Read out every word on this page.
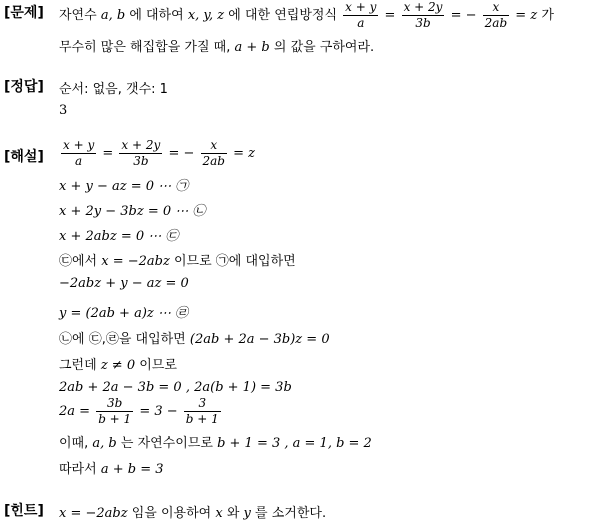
[문제]
[정답]
[해설]
[힌트]
자연수 a, b 에 대하여 x, y, z 에 대한 연립방정식 $\frac{x + y}{a} = \frac{x + 2y}{3b}$ = − $\frac{x}{2ab} = z$ 가
무수히 많은 해집합을 가질 때, a + b 의 값을 구하여라.
순서: 없음, 갯수: 1
3
$\frac{x + y}{a} = \frac{x + 2y}{3b}$ = − $\frac{x}{2ab} = z$
x + y − az = 0 ⋯ ㉠
x + 2y − 3bz = 0 ⋯ ㉡
x + 2abz = 0 ⋯ ㉢
㉢에서 x = −2abz 이므로 ㉠에 대입하면
−2abz + y − az = 0
y = (2ab + a)z ⋯ ㉣
㉡에 ㉢,㉣을 대입하면 (2ab + 2a − 3b)z = 0
그런데 z ≠ 0 이므로
2ab + 2a − 3b = 0 , 2a(b + 1) = 3b
$2a = \frac{3b}{b + 1} = 3 - \frac{3}{b + 1}$
이때, a, b 는 자연수이므로 b + 1 = 3 , a = 1, b = 2
따라서 a + b = 3
x = −2abz 임을 이용하여 x 와 y 를 소거한다.
